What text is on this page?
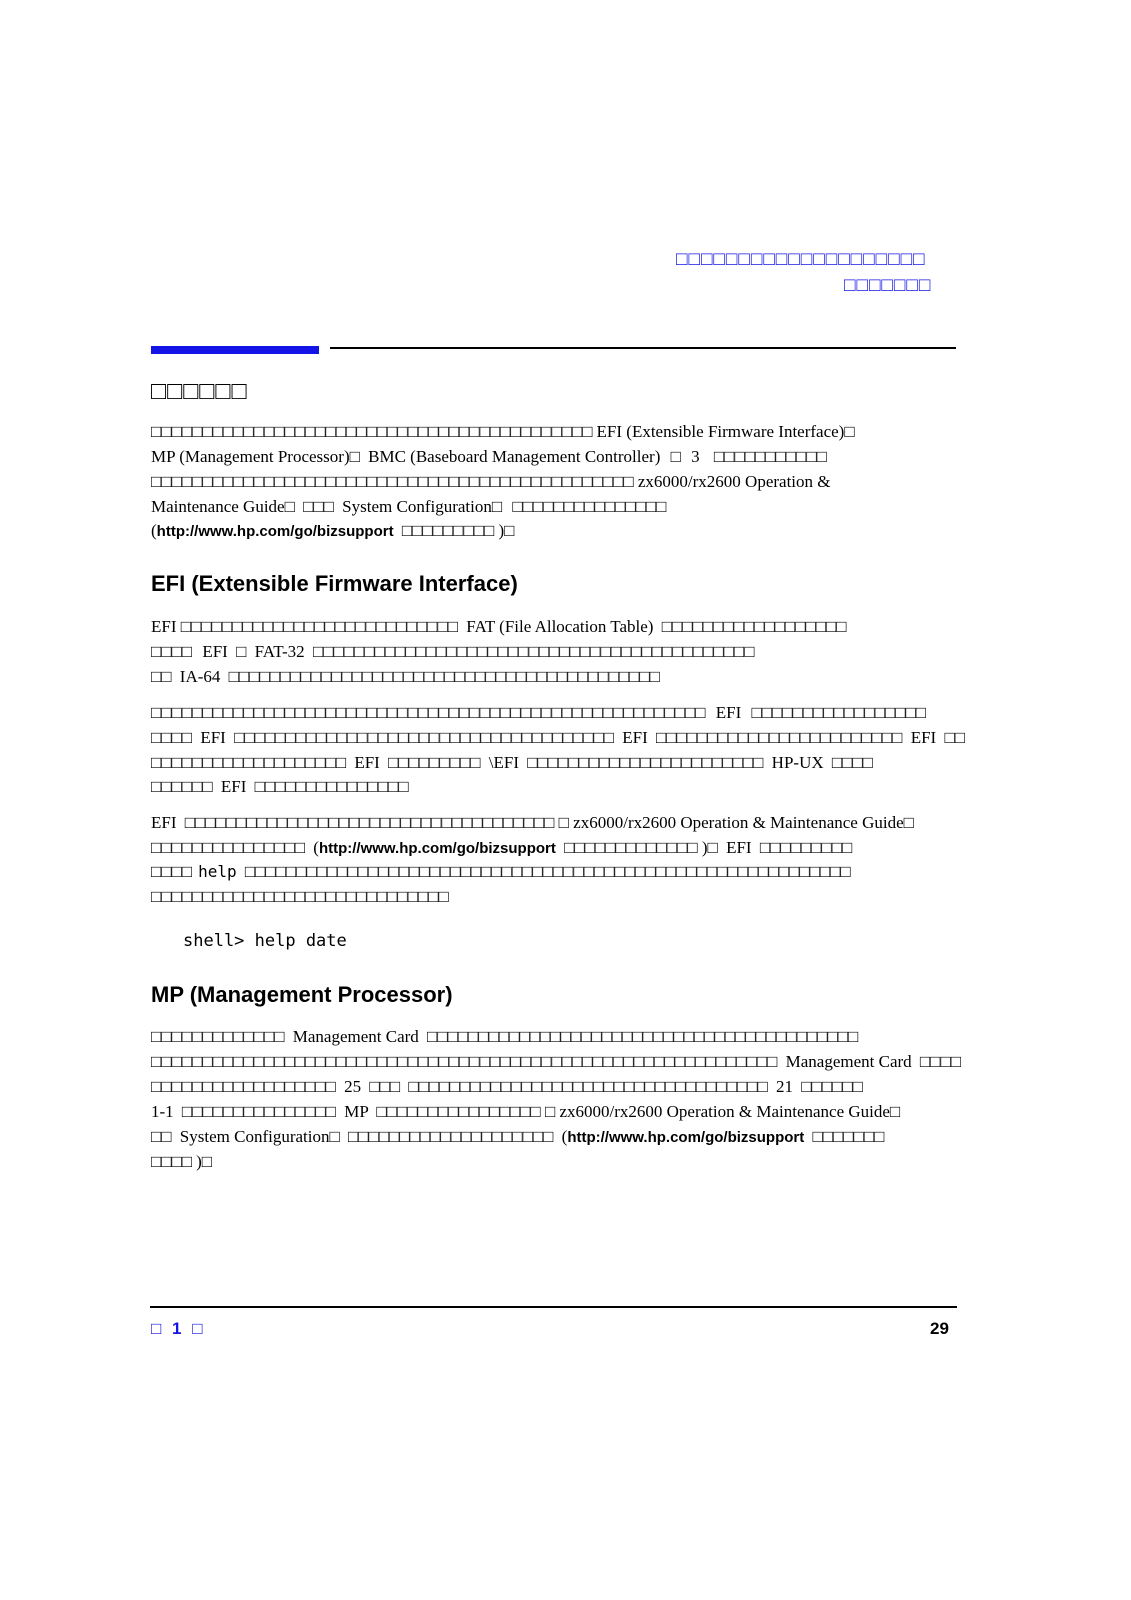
□□□□□□□□□□□□□□□□□□□□
□□□□□□□
□□□□□□
□□□□□□□□□□□□□□□□□□□□□□□□□□□□□□□□□□□□□□□□□□□ EFI (Extensible Firmware Interface)□
MP (Management Processor)□ BMC (Baseboard Management Controller) □ 3 □□□□□□□□□□□
□□□□□□□□□□□□□□□□□□□□□□□□□□□□□□□□□□□□□□□□□□□□□□□ zx6000/rx2600 Operation &
Maintenance Guide□ □□□ System Configuration□ □□□□□□□□□□□□□□□
(http://www.hp.com/go/bizsupport □□□□□□□□□ )□
EFI (Extensible Firmware Interface)
EFI □□□□□□□□□□□□□□□□□□□□□□□□□□□ FAT (File Allocation Table) □□□□□□□□□□□□□□□□□□
□□□□ EFI □ FAT-32 □□□□□□□□□□□□□□□□□□□□□□□□□□□□□□□□□□□□□□□□□□□
□□ IA-64 □□□□□□□□□□□□□□□□□□□□□□□□□□□□□□□□□□□□□□□□□□
□□□□□□□□□□□□□□□□□□□□□□□□□□□□□□□□□□□□□□□□□□□□□□□□□□□□□□ EFI □□□□□□□□□□□□□□□□□
□□□□ EFI □□□□□□□□□□□□□□□□□□□□□□□□□□□□□□□□□□□□□ EFI □□□□□□□□□□□□□□□□□□□□□□□□ EFI □□
□□□□□□□□□□□□□□□□□□□ EFI □□□□□□□□□ \EFI □□□□□□□□□□□□□□□□□□□□□□□ HP-UX □□□□
□□□□□□ EFI □□□□□□□□□□□□□□□
EFI □□□□□□□□□□□□□□□□□□□□□□□□□□□□□□□□□□□□ □ zx6000/rx2600 Operation & Maintenance Guide□
□□□□□□□□□□□□□□□ (http://www.hp.com/go/bizsupport □□□□□□□□□□□□□ )□ EFI □□□□□□□□□
□□□□ help □□□□□□□□□□□□□□□□□□□□□□□□□□□□□□□□□□□□□□□□□□□□□□□□□□□□□□□□□□□
□□□□□□□□□□□□□□□□□□□□□□□□□□□□□
shell> help date
MP (Management Processor)
□□□□□□□□□□□□□ Management Card □□□□□□□□□□□□□□□□□□□□□□□□□□□□□□□□□□□□□□□□□□
□□□□□□□□□□□□□□□□□□□□□□□□□□□□□□□□□□□□□□□□□□□□□□□□□□□□□□□□□□□□□ Management Card □□□□
□□□□□□□□□□□□□□□□□□ 25 □□□ □□□□□□□□□□□□□□□□□□□□□□□□□□□□□□□□□□□ 21 □□□□□□
1-1 □□□□□□□□□□□□□□□ MP □□□□□□□□□□□□□□□□ □ zx6000/rx2600 Operation & Maintenance Guide□
□□ System Configuration□ □□□□□□□□□□□□□□□□□□□□ (http://www.hp.com/go/bizsupport □□□□□□□
□□□□ )□
□ 1 □	29
